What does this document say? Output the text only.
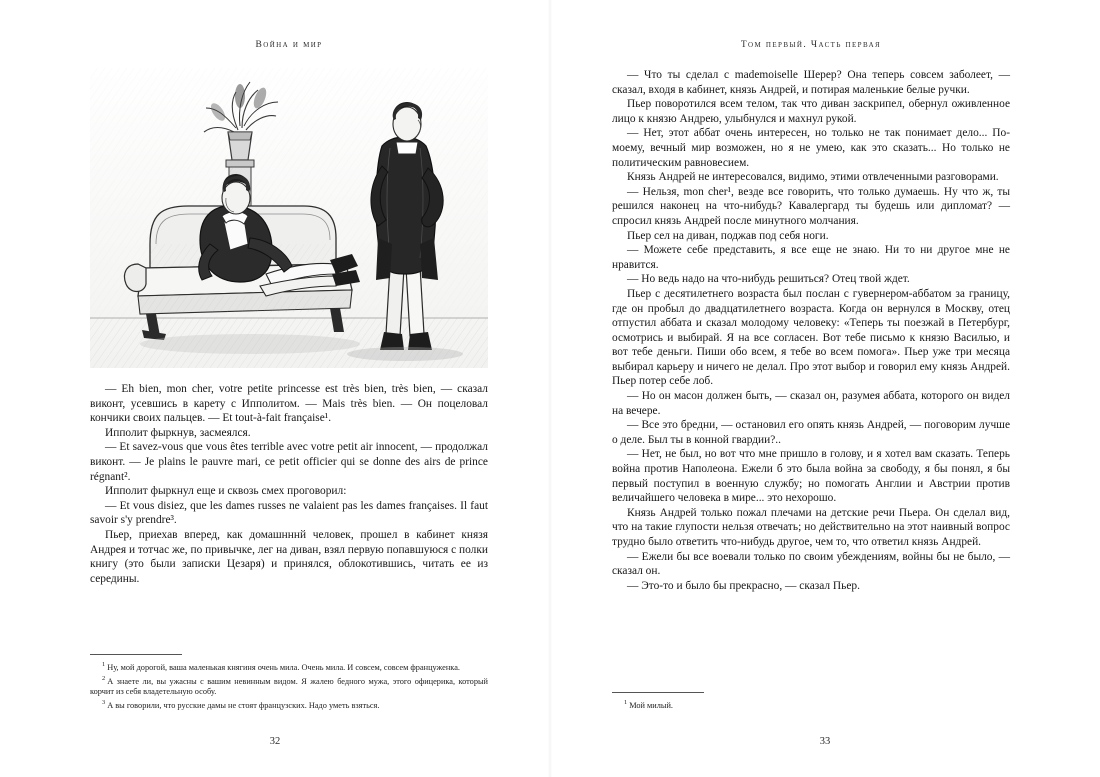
Война и мир

— Eh bien, mon cher, votre petite princesse est très bien, très bien, — сказал виконт, усевшись в карету с Ипполитом. — Mais très bien. — Он поцеловал кончики своих пальцев. — Et tout-à-fait française¹.

Ипполит фыркнув, засмеялся.

— Et savez-vous que vous êtes terrible avec votre petit air innocent, — продолжал виконт. — Je plains le pauvre mari, ce petit officier qui se donne des airs de prince régnant².

Ипполит фыркнул еще и сквозь смех проговорил:

— Et vous disiez, que les dames russes ne valaient pas les dames françaises. Il faut savoir s'y prendre³.

Пьер, приехав вперед, как домашнннй человек, прошел в кабинет князя Андрея и тотчас же, по привычке, лег на диван, взял первую попавшуюся с полки книгу (это были записки Цезаря) и принялся, облокотившись, читать ее из середины.

$^1$ Ну, мой дорогой, ваша маленькая княгиня очень мила. Очень мила. И совсем, совсем француженка.

$^2$ А знаете ли, вы ужасны с вашим невинным видом. Я жалею бедного мужа, этого офицерика, который корчит из себя владетельную особу.

$^3$ А вы говорили, что русские дамы не стоят французских. Надо уметь взяться.

32
Том первый. Часть первая

— Что ты сделал с mademoiselle Шерер? Она теперь совсем заболеет, — сказал, входя в кабинет, князь Андрей, и потирая маленькие белые ручки.

Пьер поворотился всем телом, так что диван заскрипел, обернул оживленное лицо к князю Андрею, улыбнулся и махнул рукой.

— Нет, этот аббат очень интересен, но только не так понимает дело... По-моему, вечный мир возможен, но я не умею, как это сказать... Но только не политическим равновесием.

Князь Андрей не интересовался, видимо, этими отвлеченными разговорами.

— Нельзя, mon cher¹, везде все говорить, что только думаешь. Ну что ж, ты решился наконец на что-нибудь? Кавалергард ты будешь или дипломат? — спросил князь Андрей после минутного молчания.

Пьер сел на диван, поджав под себя ноги.

— Можете себе представить, я все еще не знаю. Ни то ни другое мне не нравится.

— Но ведь надо на что-нибудь решиться? Отец твой ждет.

Пьер с десятилетнего возраста был послан с гувернером-аббатом за границу, где он пробыл до двадцатилетнего возраста. Когда он вернулся в Москву, отец отпустил аббата и сказал молодому человеку: «Теперь ты поезжай в Петербург, осмотрись и выбирай. Я на все согласен. Вот тебе письмо к князю Василью, и вот тебе деньги. Пиши обо всем, я тебе во всем помога». Пьер уже три месяца выбирал карьеру и ничего не делал. Про этот выбор и говорил ему князь Андрей. Пьер потер себе лоб.

— Но он масон должен быть, — сказал он, разумея аббата, которого он видел на вечере.

— Все это бредни, — остановил его опять князь Андрей, — поговорим лучше о деле. Был ты в конной гвардии?..

— Нет, не был, но вот что мне пришло в голову, и я хотел вам сказать. Теперь война против Наполеона. Ежели б это была война за свободу, я бы понял, я бы первый поступил в военную службу; но помогать Англии и Австрии против величайшего человека в мире... это нехорошо.

Князь Андрей только пожал плечами на детские речи Пьера. Он сделал вид, что на такие глупости нельзя отвечать; но действительно на этот наивный вопрос трудно было ответить что-нибудь другое, чем то, что ответил князь Андрей.

— Ежели бы все воевали только по своим убеждениям, войны бы не было, — сказал он.

— Это-то и было бы прекрасно, — сказал Пьер.

$^1$ Мой милый.

33
